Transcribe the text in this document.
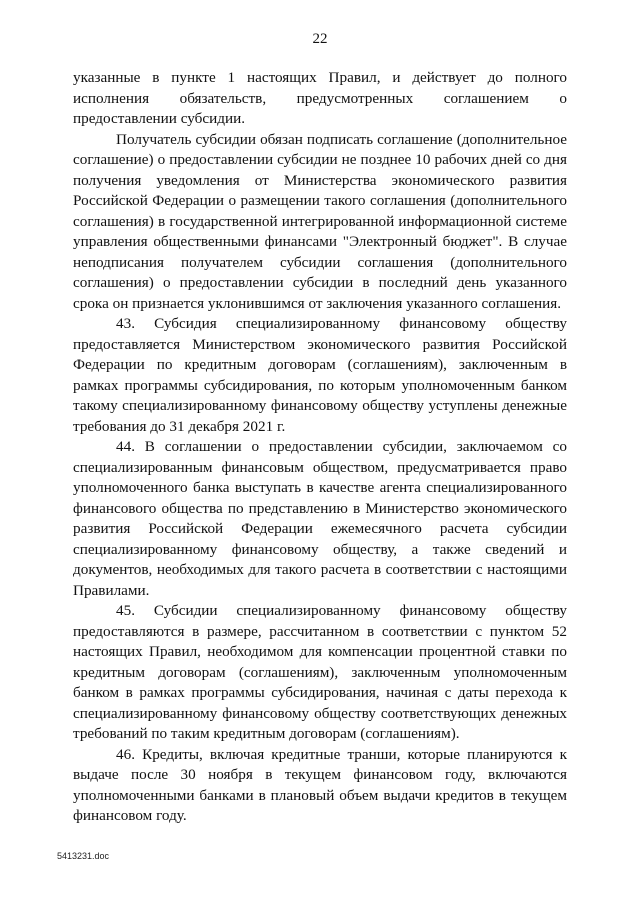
22

указанные в пункте 1 настоящих Правил, и действует до полного исполнения обязательств, предусмотренных соглашением о предоставлении субсидии.

Получатель субсидии обязан подписать соглашение (дополнительное соглашение) о предоставлении субсидии не позднее 10 рабочих дней со дня получения уведомления от Министерства экономического развития Российской Федерации о размещении такого соглашения (дополнительного соглашения) в государственной интегрированной информационной системе управления общественными финансами "Электронный бюджет". В случае неподписания получателем субсидии соглашения (дополнительного соглашения) о предоставлении субсидии в последний день указанного срока он признается уклонившимся от заключения указанного соглашения.

43. Субсидия специализированному финансовому обществу предоставляется Министерством экономического развития Российской Федерации по кредитным договорам (соглашениям), заключенным в рамках программы субсидирования, по которым уполномоченным банком такому специализированному финансовому обществу уступлены денежные требования до 31 декабря 2021 г.

44. В соглашении о предоставлении субсидии, заключаемом со специализированным финансовым обществом, предусматривается право уполномоченного банка выступать в качестве агента специализированного финансового общества по представлению в Министерство экономического развития Российской Федерации ежемесячного расчета субсидии специализированному финансовому обществу, а также сведений и документов, необходимых для такого расчета в соответствии с настоящими Правилами.

45. Субсидии специализированному финансовому обществу предоставляются в размере, рассчитанном в соответствии с пунктом 52 настоящих Правил, необходимом для компенсации процентной ставки по кредитным договорам (соглашениям), заключенным уполномоченным банком в рамках программы субсидирования, начиная с даты перехода к специализированному финансовому обществу соответствующих денежных требований по таким кредитным договорам (соглашениям).

46. Кредиты, включая кредитные транши, которые планируются к выдаче после 30 ноября в текущем финансовом году, включаются уполномоченными банками в плановый объем выдачи кредитов в текущем финансовом году.

5413231.doc
